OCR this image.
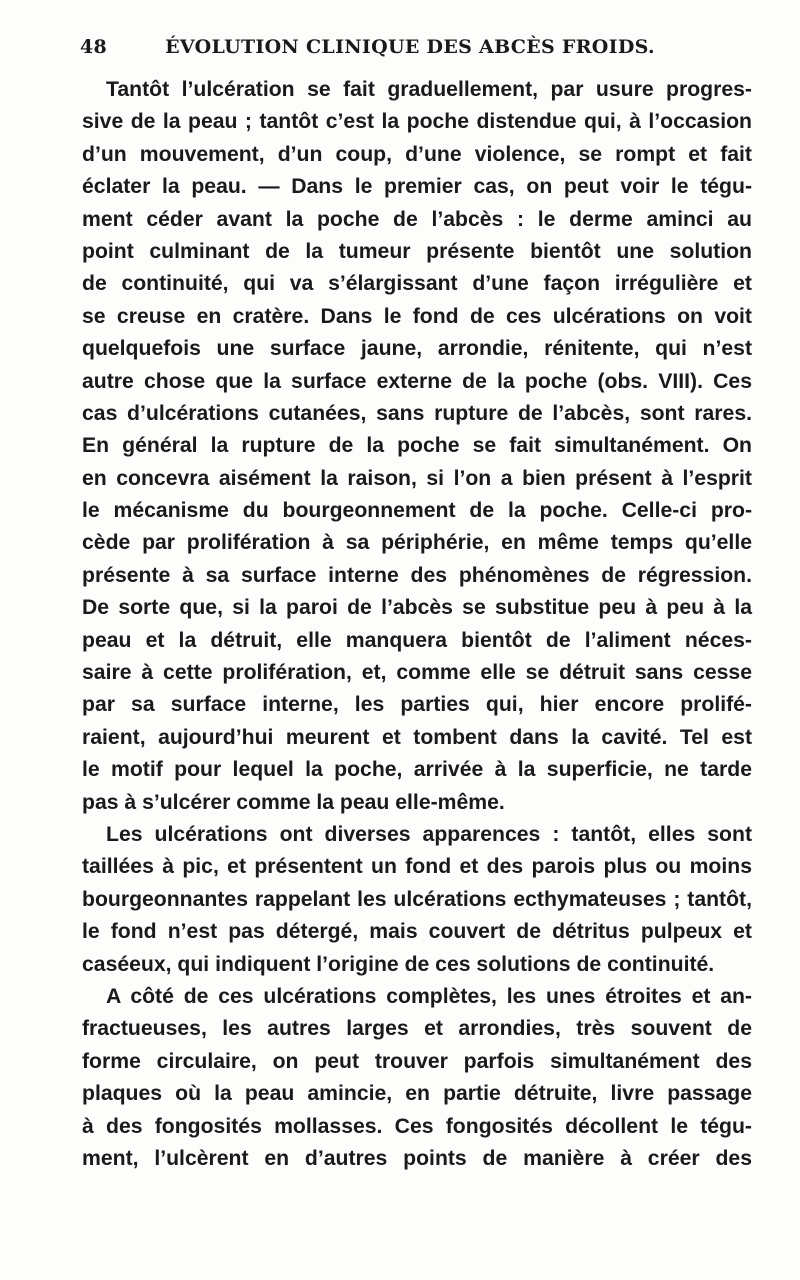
48	ÉVOLUTION CLINIQUE DES ABCÈS FROIDS.
Tantôt l’ulcération se fait graduellement, par usure progres-
sive de la peau ; tantôt c’est la poche distendue qui, à l’occasion
d’un mouvement, d’un coup, d’une violence, se rompt et fait
éclater la peau. — Dans le premier cas, on peut voir le tégu-
ment céder avant la poche de l’abcès : le derme aminci au
point culminant de la tumeur présente bientôt une solution
de continuité, qui va s’élargissant d’une façon irrégulière et
se creuse en cratère. Dans le fond de ces ulcérations on voit
quelquefois une surface jaune, arrondie, rénitente, qui n’est
autre chose que la surface externe de la poche (obs. VIII). Ces
cas d’ulcérations cutanées, sans rupture de l’abcès, sont rares.
En général la rupture de la poche se fait simultanément. On
en concevra aisément la raison, si l’on a bien présent à l’esprit
le mécanisme du bourgeonnement de la poche. Celle-ci pro-
cède par prolifération à sa périphérie, en même temps qu’elle
présente à sa surface interne des phénomènes de régression.
De sorte que, si la paroi de l’abcès se substitue peu à peu à la
peau et la détruit, elle manquera bientôt de l’aliment néces-
saire à cette prolifération, et, comme elle se détruit sans cesse
par sa surface interne, les parties qui, hier encore prolifé-
raient, aujourd’hui meurent et tombent dans la cavité. Tel est
le motif pour lequel la poche, arrivée à la superficie, ne tarde
pas à s’ulcérer comme la peau elle-même.
Les ulcérations ont diverses apparences : tantôt, elles sont
taillées à pic, et présentent un fond et des parois plus ou moins
bourgeonnantes rappelant les ulcérations ecthymateuses ; tantôt,
le fond n’est pas détergé, mais couvert de détritus pulpeux et
caséeux, qui indiquent l’origine de ces solutions de continuité.
A côté de ces ulcérations complètes, les unes étroites et an-
fractueuses, les autres larges et arrondies, très souvent de
forme circulaire, on peut trouver parfois simultanément des
plaques où la peau amincie, en partie détruite, livre passage
à des fongosités mollasses. Ces fongosités décollent le tégu-
ment, l’ulcèrent en d’autres points de manière à créer des
